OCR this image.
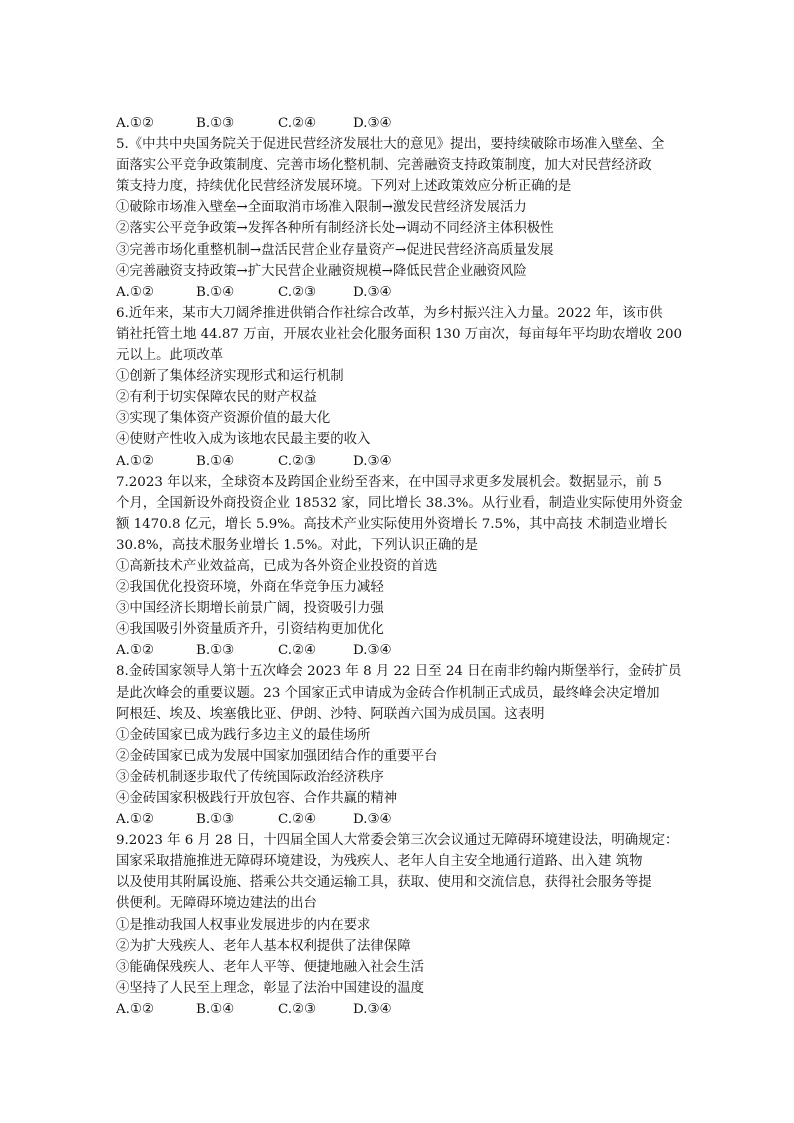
A.①②	B.①③	C.②④	D.③④
5.《中共中央国务院关于促进民营经济发展壮大的意见》提出，要持续破除市场准入壁垒、全
面落实公平竞争政策制度、完善市场化整机制、完善融资支持政策制度，加大对民营经济政
策支持力度，持续优化民营经济发展环境。下列对上述政策效应分析正确的是
①破除市场准入壁垒→全面取消市场准入限制→激发民营经济发展活力
②落实公平竞争政策→发挥各种所有制经济长处→调动不同经济主体积极性
③完善市场化重整机制→盘活民营企业存量资产→促进民营经济高质量发展
④完善融资支持政策→扩大民营企业融资规模→降低民营企业融资风险
A.①②	B.①④	C.②③	D.③④
6.近年来，某市大刀阔斧推进供销合作社综合改革，为乡村振兴注入力量。2022 年，该市供
销社托管土地 44.87 万亩，开展农业社会化服务面积 130 万亩次，每亩每年平均助农增收 200
元以上。此项改革
①创新了集体经济实现形式和运行机制
②有利于切实保障农民的财产权益
③实现了集体资产资源价值的最大化
④使财产性收入成为该地农民最主要的收入
A.①②	B.①④	C.②③	D.③④
7.2023 年以来，全球资本及跨国企业纷至沓来，在中国寻求更多发展机会。数据显示，前 5
个月，全国新设外商投资企业 18532 家，同比增长 38.3%。从行业看，制造业实际使用外资金
额 1470.8 亿元，增长 5.9%。高技术产业实际使用外资增长 7.5%，其中高技 术制造业增长
30.8%，高技术服务业增长 1.5%。对此，下列认识正确的是
①高新技术产业效益高，已成为各外资企业投资的首选
②我国优化投资环境，外商在华竞争压力减轻
③中国经济长期增长前景广阔，投资吸引力强
④我国吸引外资量质齐升，引资结构更加优化
A.①②	B.①③	C.②④	D.③④
8.金砖国家领导人第十五次峰会 2023 年 8 月 22 日至 24 日在南非约翰内斯堡举行，金砖扩员
是此次峰会的重要议题。23 个国家正式申请成为金砖合作机制正式成员，最终峰会决定增加
阿根廷、埃及、埃塞俄比亚、伊朗、沙特、阿联酋六国为成员国。这表明
①金砖国家已成为践行多边主义的最佳场所
②金砖国家已成为发展中国家加强团结合作的重要平台
③金砖机制逐步取代了传统国际政治经济秩序
④金砖国家积极践行开放包容、合作共赢的精神
A.①②	B.①③	C.②④	D.③④
9.2023 年 6 月 28 日，十四届全国人大常委会第三次会议通过无障碍环境建设法，明确规定：
国家采取措施推进无障碍环境建设，为残疾人、老年人自主安全地通行道路、出入建 筑物
以及使用其附属设施、搭乘公共交通运输工具，获取、使用和交流信息，获得社会服务等提
供便利。无障碍环境边建法的出台
①是推动我国人权事业发展进步的内在要求
②为扩大残疾人、老年人基本权利提供了法律保障
③能确保残疾人、老年人平等、便捷地融入社会生活
④坚持了人民至上理念，彰显了法治中国建设的温度
A.①②	B.①④	C.②③	D.③④
